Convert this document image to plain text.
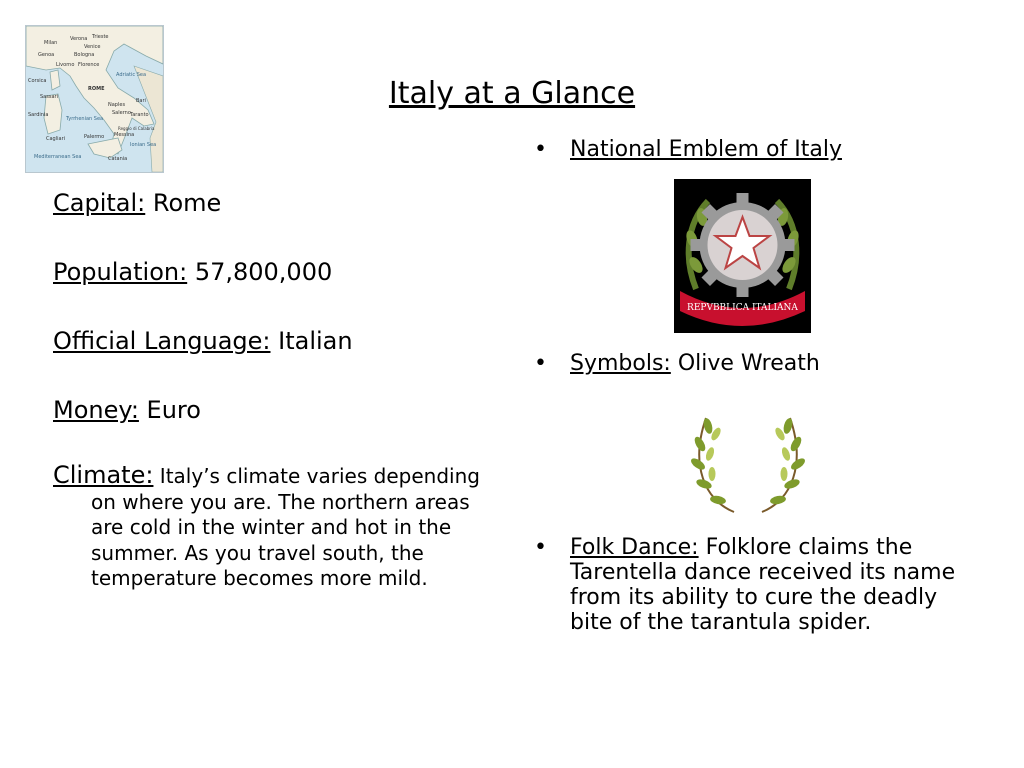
Milan
Verona Trieste
Venice
Genoa	Bologna
Florence
Livorno
ROME
Naples
Bari
Taranto
Salerno
Palermo Messina
Catania
Reggio di Calabria
Cagliari
Sassari
Tyrrhenian Sea
Adriatic Sea
Ionian Sea
Mediterranean Sea
Corsica
Sardinia
Italy at a Glance

Capital: Rome

Population: 57,800,000

Official Language: Italian

Money: Euro

Climate: Italy’s climate varies depending on where you are. The northern areas are cold in the winter and hot in the summer. As you travel south, the temperature becomes more mild.

• National Emblem of Italy
• Symbols: Olive Wreath
• Folk Dance: Folklore claims the Tarentella dance received its name from its ability to cure the deadly bite of the tarantula spider.
REPVBBLICA ITALIANA
